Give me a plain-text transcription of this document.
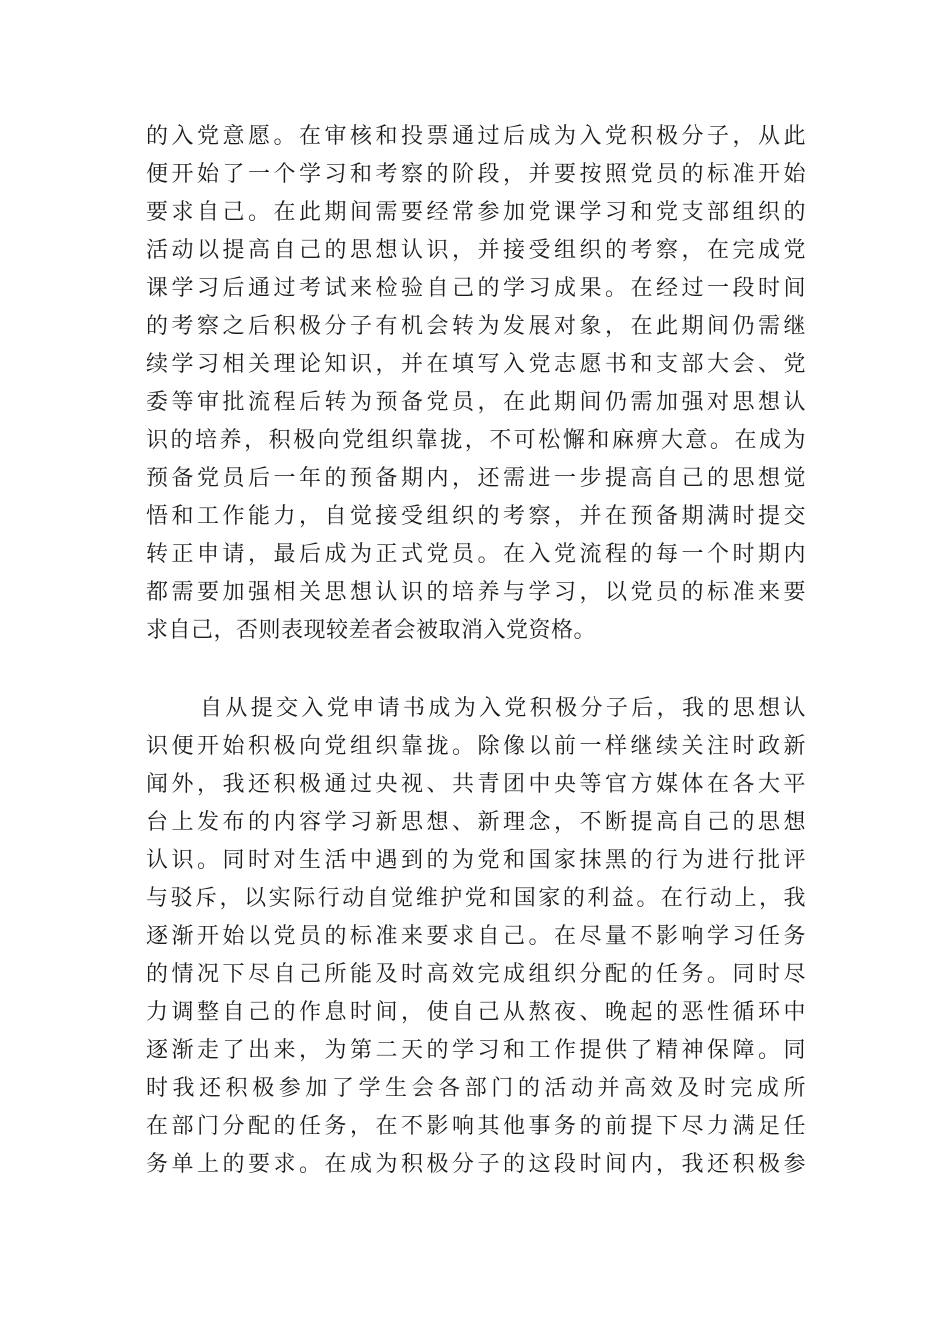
的入党意愿。在审核和投票通过后成为入党积极分子，从此
便开始了一个学习和考察的阶段，并要按照党员的标准开始
要求自己。在此期间需要经常参加党课学习和党支部组织的
活动以提高自己的思想认识，并接受组织的考察，在完成党
课学习后通过考试来检验自己的学习成果。在经过一段时间
的考察之后积极分子有机会转为发展对象，在此期间仍需继
续学习相关理论知识，并在填写入党志愿书和支部大会、党
委等审批流程后转为预备党员，在此期间仍需加强对思想认
识的培养，积极向党组织靠拢，不可松懈和麻痹大意。在成为
预备党员后一年的预备期内，还需进一步提高自己的思想觉
悟和工作能力，自觉接受组织的考察，并在预备期满时提交
转正申请，最后成为正式党员。在入党流程的每一个时期内
都需要加强相关思想认识的培养与学习，以党员的标准来要
求自己，否则表现较差者会被取消入党资格。
自从提交入党申请书成为入党积极分子后，我的思想认
识便开始积极向党组织靠拢。除像以前一样继续关注时政新
闻外，我还积极通过央视、共青团中央等官方媒体在各大平
台上发布的内容学习新思想、新理念，不断提高自己的思想
认识。同时对生活中遇到的为党和国家抹黑的行为进行批评
与驳斥，以实际行动自觉维护党和国家的利益。在行动上，我
逐渐开始以党员的标准来要求自己。在尽量不影响学习任务
的情况下尽自己所能及时高效完成组织分配的任务。同时尽
力调整自己的作息时间，使自己从熬夜、晚起的恶性循环中
逐渐走了出来，为第二天的学习和工作提供了精神保障。同
时我还积极参加了学生会各部门的活动并高效及时完成所
在部门分配的任务，在不影响其他事务的前提下尽力满足任
务单上的要求。在成为积极分子的这段时间内，我还积极参
